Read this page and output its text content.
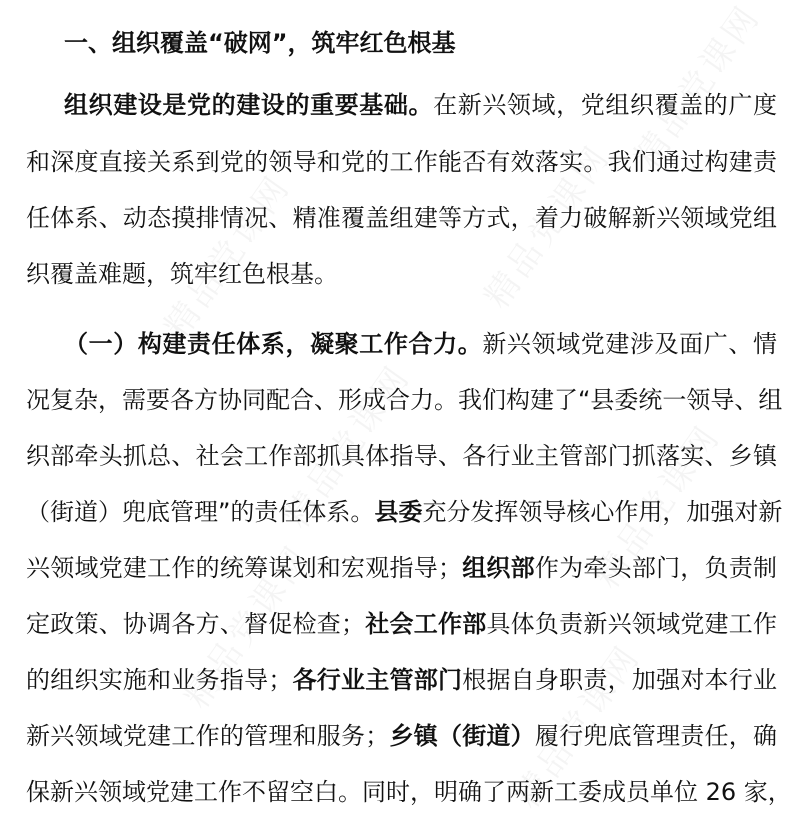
一、组织覆盖“破网”，筑牢红色根基
组织建设是党的建设的重要基础。在新兴领域，党组织覆盖的广度
和深度直接关系到党的领导和党的工作能否有效落实。我们通过构建责
任体系、动态摸排情况、精准覆盖组建等方式，着力破解新兴领域党组
织覆盖难题，筑牢红色根基。
（一）构建责任体系，凝聚工作合力。新兴领域党建涉及面广、情
况复杂，需要各方协同配合、形成合力。我们构建了“县委统一领导、组
织部牵头抓总、社会工作部抓具体指导、各行业主管部门抓落实、乡镇
（街道）兜底管理”的责任体系。县委充分发挥领导核心作用，加强对新
兴领域党建工作的统筹谋划和宏观指导；组织部作为牵头部门，负责制
定政策、协调各方、督促检查；社会工作部具体负责新兴领域党建工作
的组织实施和业务指导；各行业主管部门根据自身职责，加强对本行业
新兴领域党建工作的管理和服务；乡镇（街道）履行兜底管理责任，确
保新兴领域党建工作不留空白。同时，明确了两新工委成员单位 26 家，
